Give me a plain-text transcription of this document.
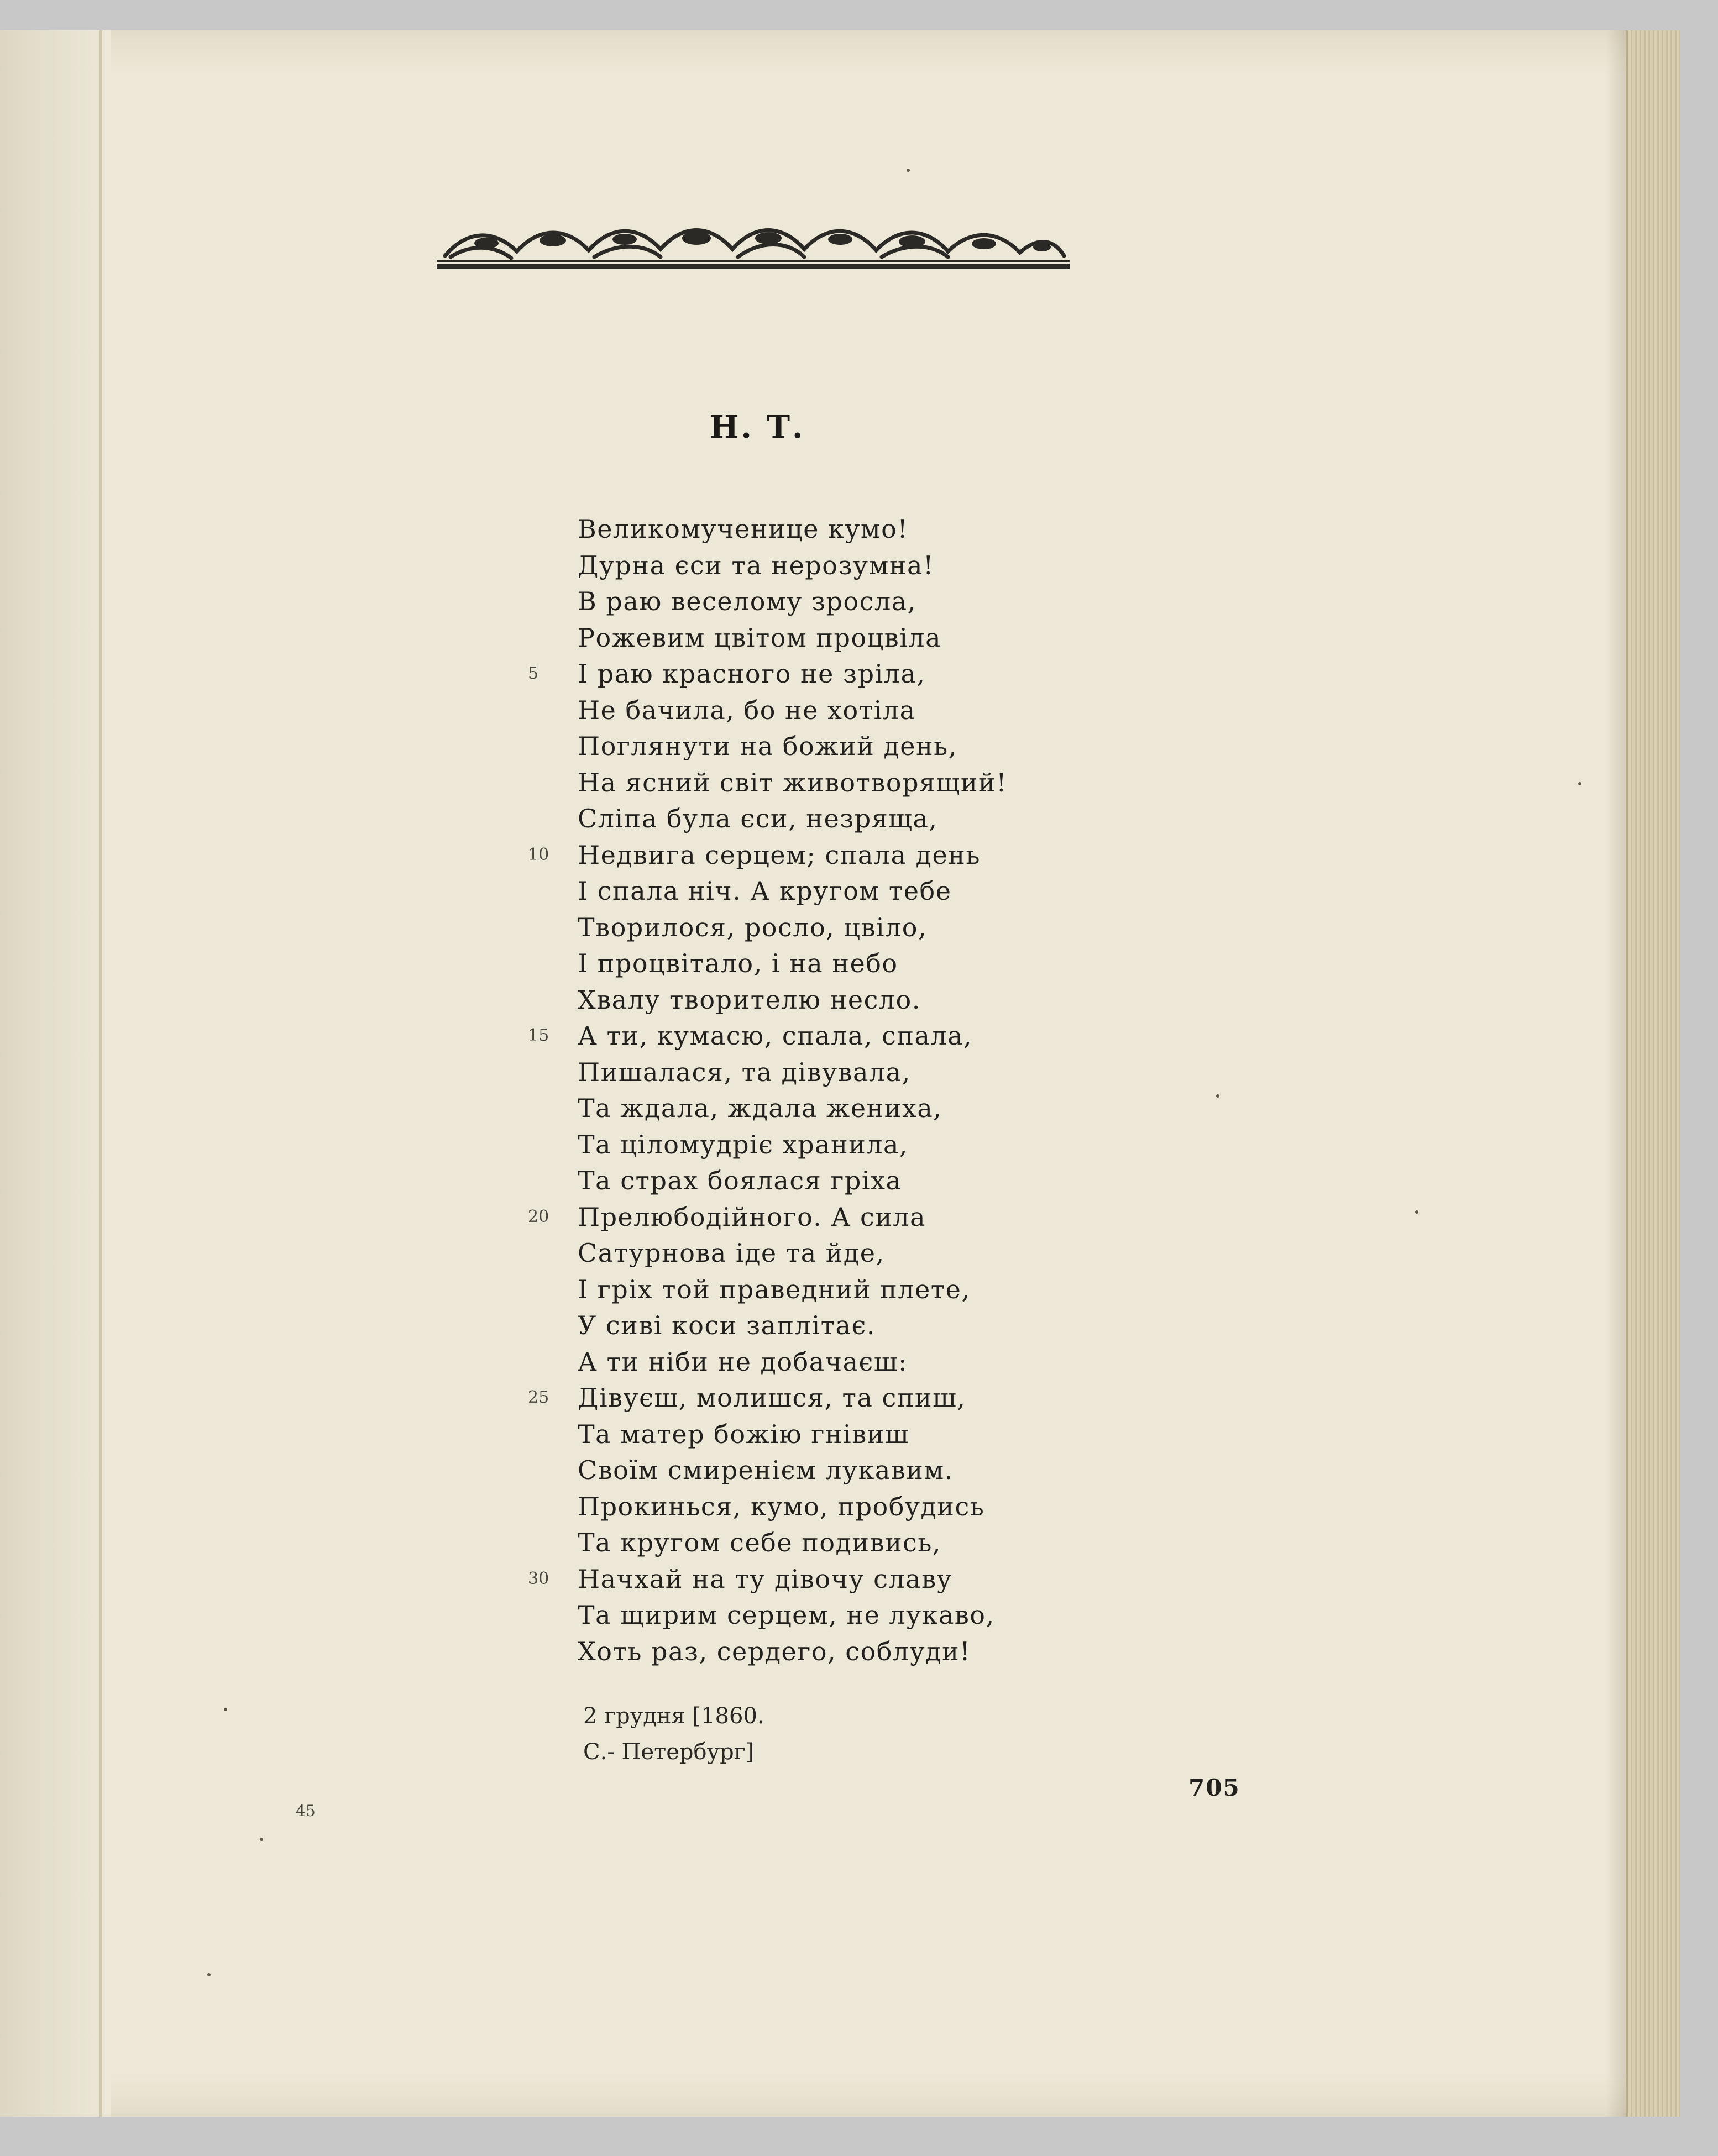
Н. Т.
Великомученице кумо!
Дурна єси та нерозумна!
В раю веселому зросла,
Рожевим цвітом процвіла
І раю красного не зріла,
5
Не бачила, бо не хотіла
Поглянути на божий день,
На ясний світ животворящий!
Сліпа була єси, незряща,
Недвига серцем; спала день
10
І спала ніч. А кругом тебе
Творилося, росло, цвіло,
І процвітало, і на небо
Хвалу творителю несло.
А ти, кумасю, спала, спала,
15
Пишалася, та дівувала,
Та ждала, ждала жениха,
Та цiломудріє хранила,
Та страх боялася гріха
Прелюбодійного. А сила
20
Сатурнова іде та йде,
І гріх той праведний плете,
У сиві коси заплітає.
А ти ніби не добачаєш:
Дівуєш, молишся, та спиш,
25
Та матер божію гнівиш
Своїм смиренієм лукавим.
Прокинься, кумо, пробудись
Та кругом себе подивись,
Начхай на ту дівочу славу
30
Та щирим серцем, не лукаво,
Хоть раз, сердего, соблуди!
2 грудня [1860.
С.- Петербург]
705
45
